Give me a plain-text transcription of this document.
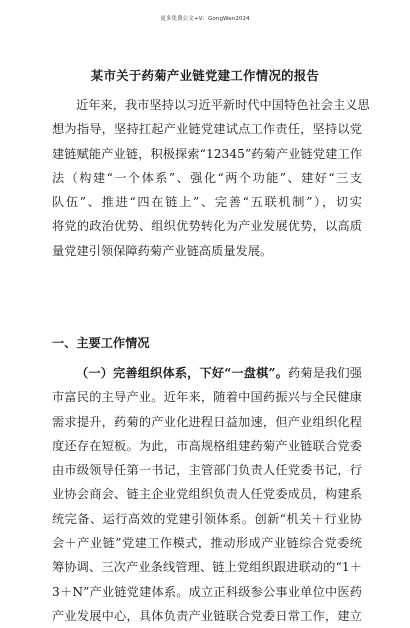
更多免费公文+V：GongWen2024
某市关于药菊产业链党建工作情况的报告
近年来，我市坚持以习近平新时代中国特色社会主义思
想为指导，坚持扛起产业链党建试点工作责任，坚持以党
建链赋能产业链，积极探索“12345”药菊产业链党建工作
法（构建“一个体系”、强化“两个功能”、建好“三支
队伍”、推进“四在链上”、完善“五联机制”），切实
将党的政治优势、组织优势转化为产业发展优势，以高质
量党建引领保障药菊产业链高质量发展。
一、主要工作情况
（一）完善组织体系，下好“一盘棋”。药菊是我们强
市富民的主导产业。近年来，随着中国药振兴与全民健康
需求提升，药菊的产业化进程日益加速，但产业组织化程
度还存在短板。为此，市高规格组建药菊产业链联合党委
由市级领导任第一书记，主管部门负责人任党委书记，行
业协会商会、链主企业党组织负责人任党委成员，构建系
统完备、运行高效的党建引领体系。创新“机关＋行业协
会＋产业链”党建工作模式，推动形成产业链综合党委统
筹协调、三次产业条线管理、链上党组织跟进联动的“1＋
3＋N”产业链党建体系。成立正科级参公事业单位中医药
产业发展中心，具体负责产业链联合党委日常工作，建立
